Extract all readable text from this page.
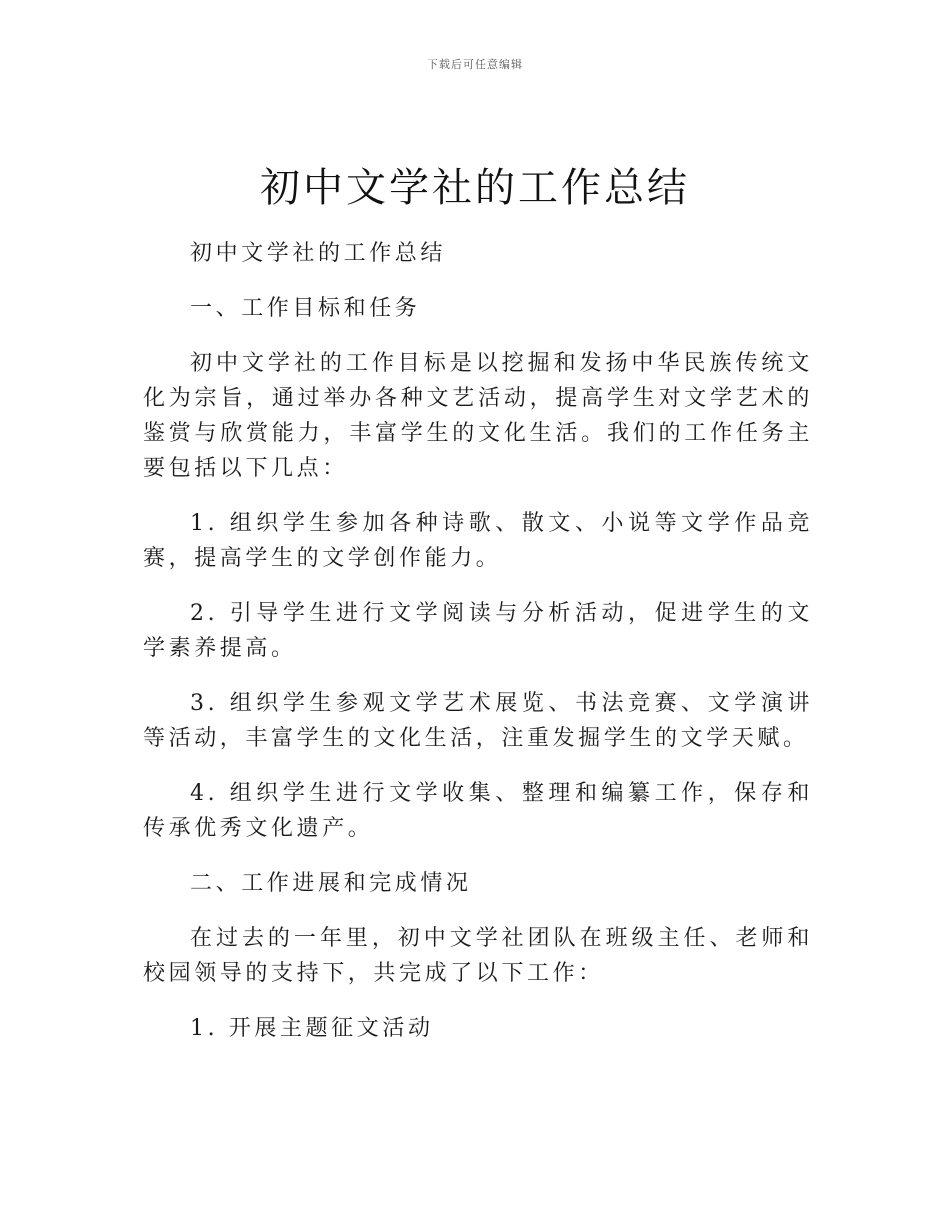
下载后可任意编辑
初中文学社的工作总结

初中文学社的工作总结

一、工作目标和任务

初中文学社的工作目标是以挖掘和发扬中华民族传统文化为宗旨，通过举办各种文艺活动，提高学生对文学艺术的鉴赏与欣赏能力，丰富学生的文化生活。我们的工作任务主要包括以下几点：

1. 组织学生参加各种诗歌、散文、小说等文学作品竞赛，提高学生的文学创作能力。

2. 引导学生进行文学阅读与分析活动，促进学生的文学素养提高。

3. 组织学生参观文学艺术展览、书法竞赛、文学演讲等活动，丰富学生的文化生活，注重发掘学生的文学天赋。

4. 组织学生进行文学收集、整理和编纂工作，保存和传承优秀文化遗产。

二、工作进展和完成情况

在过去的一年里，初中文学社团队在班级主任、老师和校园领导的支持下，共完成了以下工作：

1. 开展主题征文活动
